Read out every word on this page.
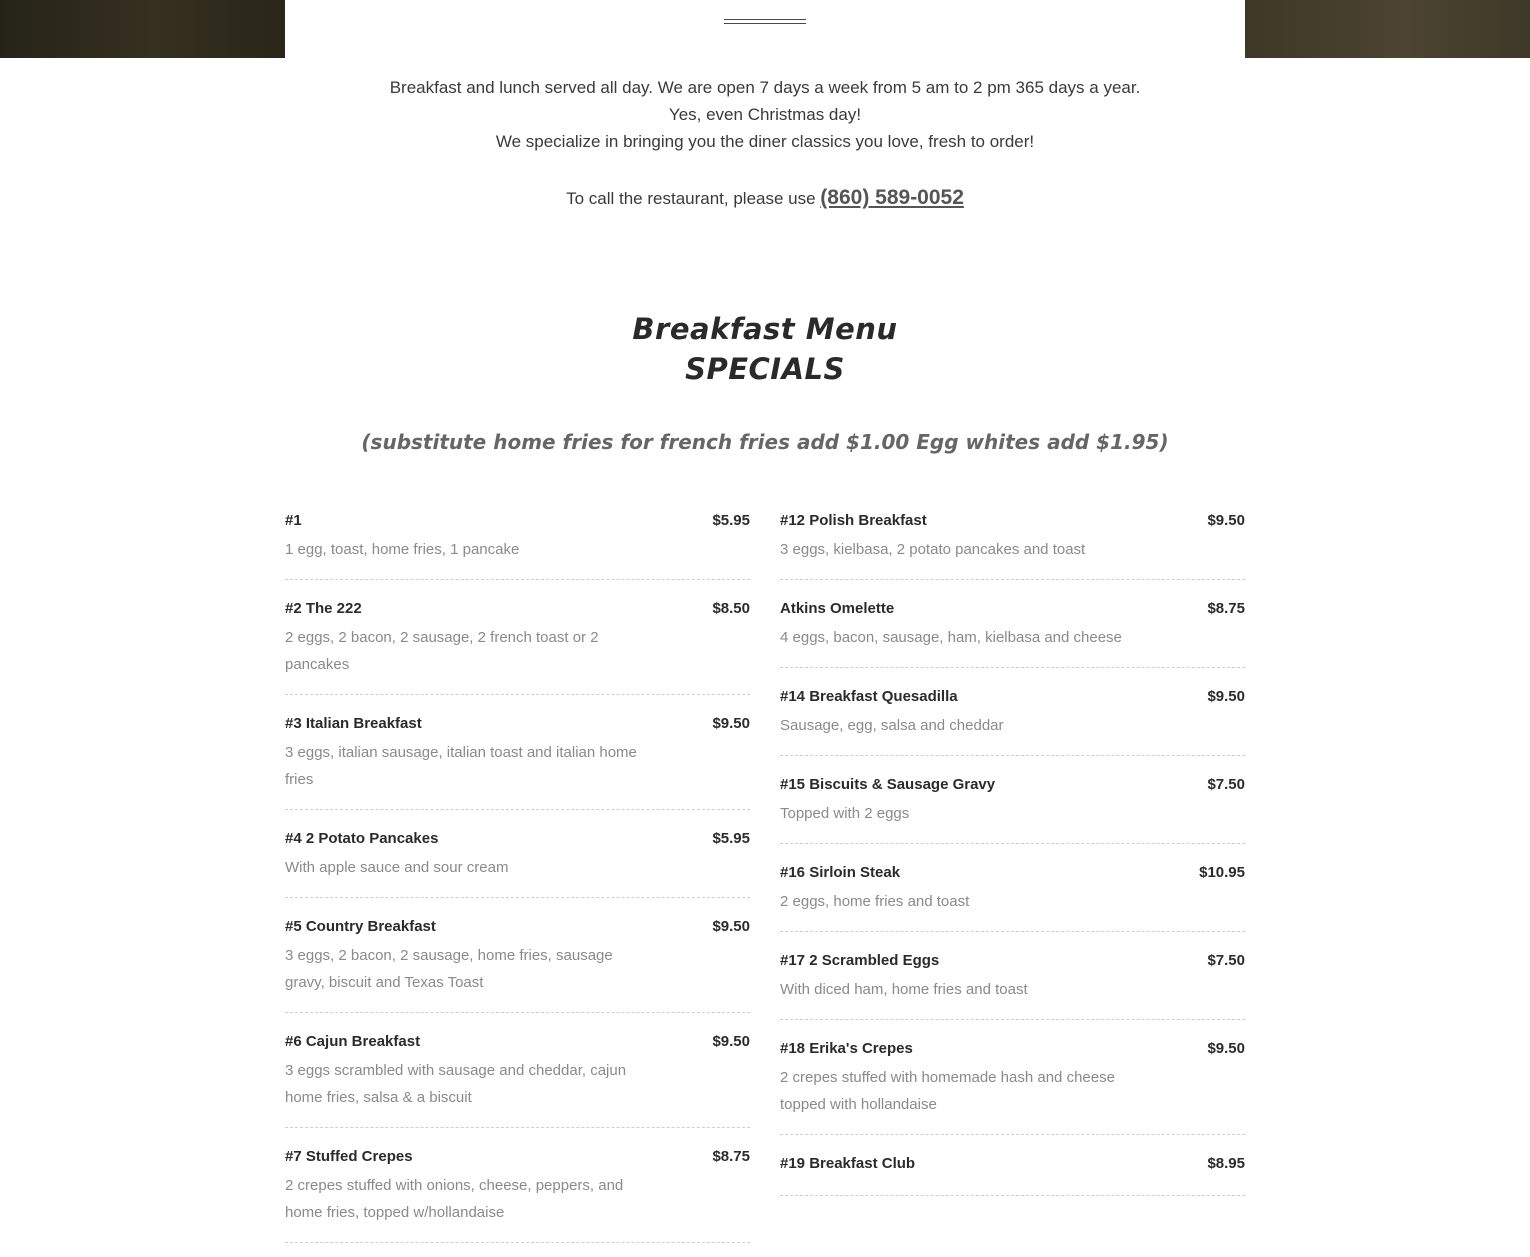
Breakfast and lunch served all day. We are open 7 days a week from 5 am to 2 pm 365 days a year.

Yes, even Christmas day!

We specialize in bringing you the diner classics you love, fresh to order!

To call the restaurant, please use (860) 589-0052
Breakfast Menu
SPECIALS
(substitute home fries for french fries add $1.00 Egg whites add $1.95)
#1	$5.95
1 egg, toast, home fries, 1 pancake
#2 The 222	$8.50
2 eggs, 2 bacon, 2 sausage, 2 french toast or 2 pancakes
#3 Italian Breakfast	$9.50
3 eggs, italian sausage, italian toast and italian home fries
#4 2 Potato Pancakes	$5.95
With apple sauce and sour cream
#5 Country Breakfast	$9.50
3 eggs, 2 bacon, 2 sausage, home fries, sausage gravy, biscuit and Texas Toast
#6 Cajun Breakfast	$9.50
3 eggs scrambled with sausage and cheddar, cajun home fries, salsa & a biscuit
#7 Stuffed Crepes	$8.75
2 crepes stuffed with onions, cheese, peppers, and home fries, topped w/hollandaise
#12 Polish Breakfast	$9.50
3 eggs, kielbasa, 2 potato pancakes and toast
Atkins Omelette	$8.75
4 eggs, bacon, sausage, ham, kielbasa and cheese
#14 Breakfast Quesadilla	$9.50
Sausage, egg, salsa and cheddar
#15 Biscuits & Sausage Gravy	$7.50
Topped with 2 eggs
#16 Sirloin Steak	$10.95
2 eggs, home fries and toast
#17 2 Scrambled Eggs	$7.50
With diced ham, home fries and toast
#18 Erika's Crepes	$9.50
2 crepes stuffed with homemade hash and cheese topped with hollandaise
#19 Breakfast Club	$8.95
